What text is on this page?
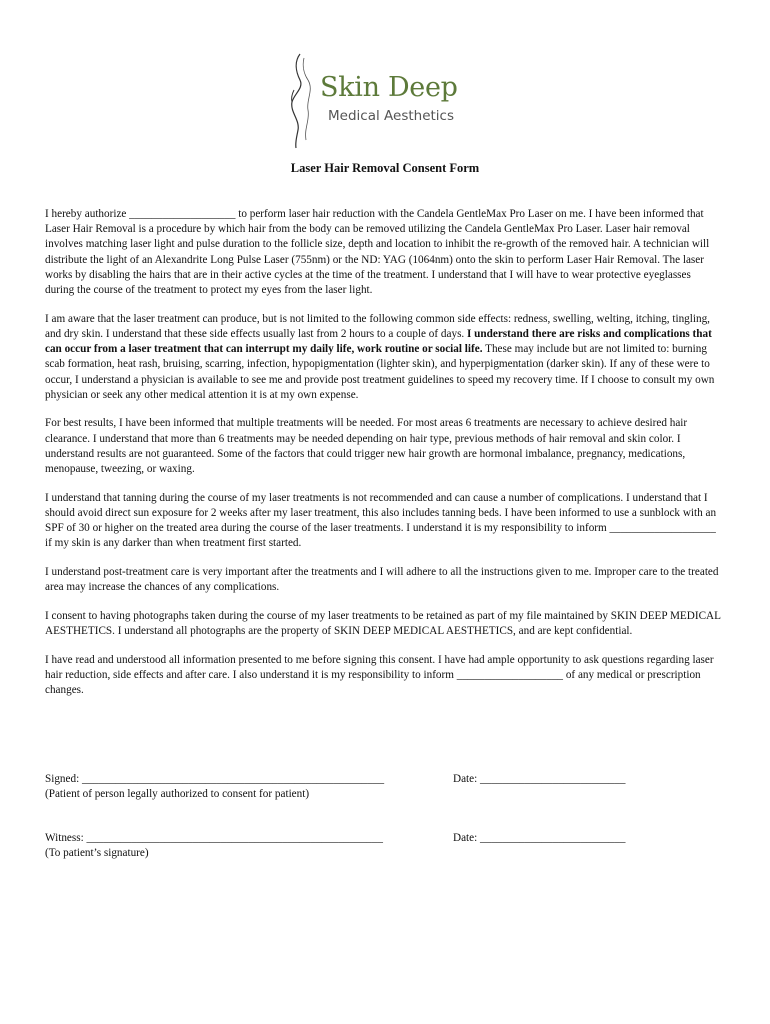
Skin Deep
Medical Aesthetics
Laser Hair Removal Consent Form

I hereby authorize ___________________ to perform laser hair reduction with the Candela GentleMax Pro Laser on me. I have been informed that Laser Hair Removal is a procedure by which hair from the body can be removed utilizing the Candela GentleMax Pro Laser. Laser hair removal involves matching laser light and pulse duration to the follicle size, depth and location to inhibit the re-growth of the removed hair. A technician will distribute the light of an Alexandrite Long Pulse Laser (755nm) or the ND: YAG (1064nm) onto the skin to perform Laser Hair Removal. The laser works by disabling the hairs that are in their active cycles at the time of the treatment. I understand that I will have to wear protective eyeglasses during the course of the treatment to protect my eyes from the laser light.

I am aware that the laser treatment can produce, but is not limited to the following common side effects: redness, swelling, welting, itching, tingling, and dry skin. I understand that these side effects usually last from 2 hours to a couple of days. I understand there are risks and complications that can occur from a laser treatment that can interrupt my daily life, work routine or social life. These may include but are not limited to: burning scab formation, heat rash, bruising, scarring, infection, hypopigmentation (lighter skin), and hyperpigmentation (darker skin). If any of these were to occur, I understand a physician is available to see me and provide post treatment guidelines to speed my recovery time. If I choose to consult my own physician or seek any other medical attention it is at my own expense.

For best results, I have been informed that multiple treatments will be needed. For most areas 6 treatments are necessary to achieve desired hair clearance. I understand that more than 6 treatments may be needed depending on hair type, previous methods of hair removal and skin color. I understand results are not guaranteed. Some of the factors that could trigger new hair growth are hormonal imbalance, pregnancy, medications, menopause, tweezing, or waxing.

I understand that tanning during the course of my laser treatments is not recommended and can cause a number of complications. I understand that I should avoid direct sun exposure for 2 weeks after my laser treatment, this also includes tanning beds. I have been informed to use a sunblock with an SPF of 30 or higher on the treated area during the course of the laser treatments. I understand it is my responsibility to inform ___________________ if my skin is any darker than when treatment first started.

I understand post-treatment care is very important after the treatments and I will adhere to all the instructions given to me. Improper care to the treated area may increase the chances of any complications.

I consent to having photographs taken during the course of my laser treatments to be retained as part of my file maintained by SKIN DEEP MEDICAL AESTHETICS. I understand all photographs are the property of SKIN DEEP MEDICAL AESTHETICS, and are kept confidential.

I have read and understood all information presented to me before signing this consent. I have had ample opportunity to ask questions regarding laser hair reduction, side effects and after care. I also understand it is my responsibility to inform ___________________ of any medical or prescription changes.

Signed: ______________________________________________________
(Patient of person legally authorized to consent for patient)
Date: __________________________
Witness: _____________________________________________________
(To patient’s signature)
Date: __________________________
